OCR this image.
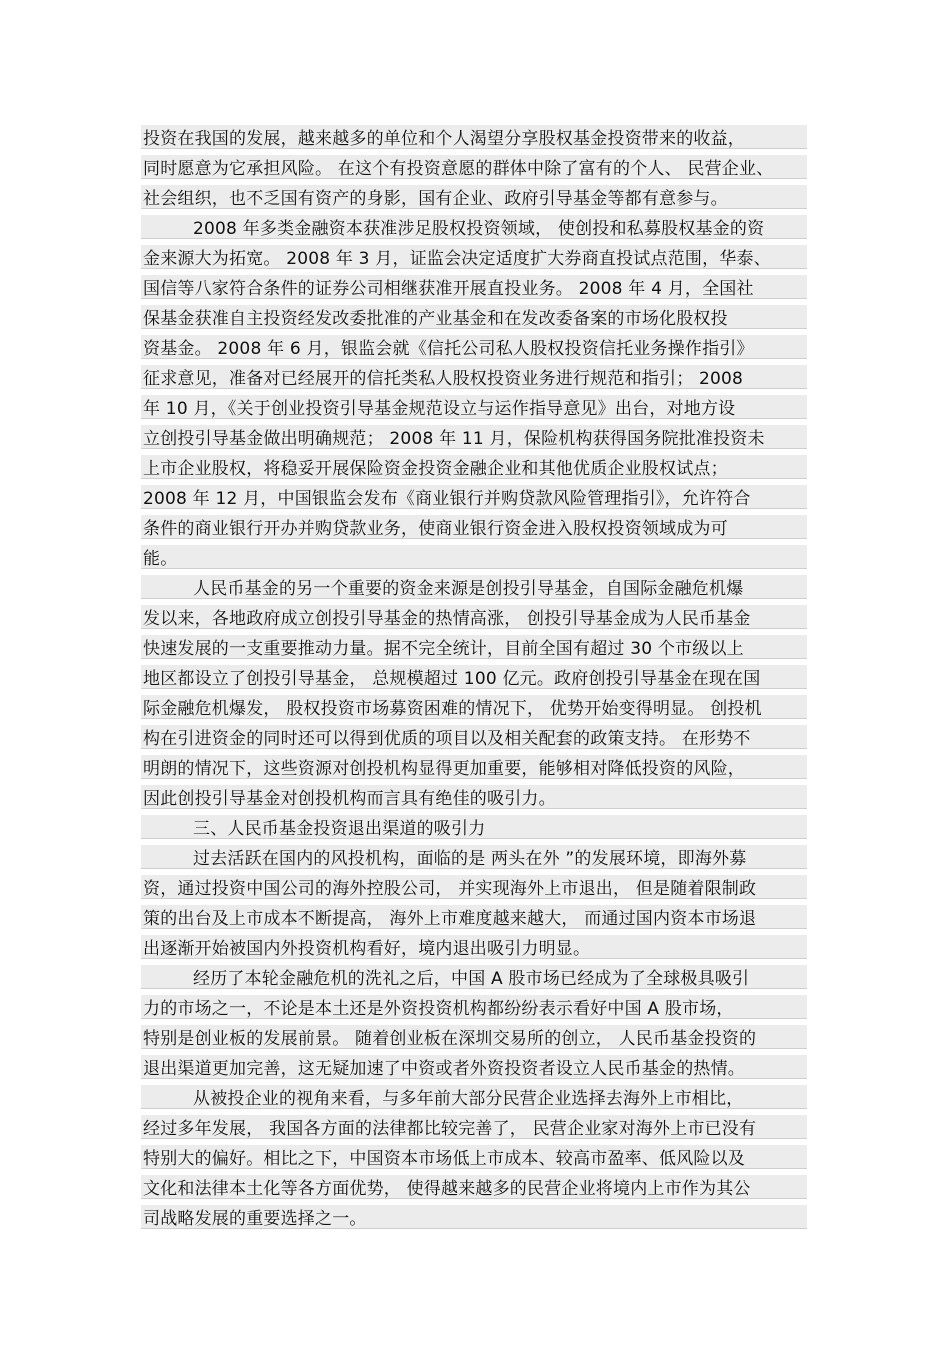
投资在我国的发展，越来越多的单位和个人渴望分享股权基金投资带来的收益，
同时愿意为它承担风险。 在这个有投资意愿的群体中除了富有的个人、 民营企业、
社会组织，也不乏国有资产的身影，国有企业、政府引导基金等都有意参与。
2008 年多类金融资本获准涉足股权投资领域， 使创投和私募股权基金的资
金来源大为拓宽。 2008 年 3 月，证监会决定适度扩大券商直投试点范围，华泰、
国信等八家符合条件的证券公司相继获准开展直投业务。 2008 年 4 月，全国社
保基金获准自主投资经发改委批准的产业基金和在发改委备案的市场化股权投
资基金。 2008 年 6 月，银监会就《信托公司私人股权投资信托业务操作指引》
征求意见，准备对已经展开的信托类私人股权投资业务进行规范和指引； 2008
年 10 月，《关于创业投资引导基金规范设立与运作指导意见》出台，对地方设
立创投引导基金做出明确规范； 2008 年 11 月，保险机构获得国务院批准投资未
上市企业股权，将稳妥开展保险资金投资金融企业和其他优质企业股权试点；
2008 年 12 月，中国银监会发布《商业银行并购贷款风险管理指引》，允许符合
条件的商业银行开办并购贷款业务，使商业银行资金进入股权投资领域成为可
能。
人民币基金的另一个重要的资金来源是创投引导基金，自国际金融危机爆
发以来，各地政府成立创投引导基金的热情高涨， 创投引导基金成为人民币基金
快速发展的一支重要推动力量。据不完全统计，目前全国有超过 30 个市级以上
地区都设立了创投引导基金， 总规模超过 100 亿元。政府创投引导基金在现在国
际金融危机爆发， 股权投资市场募资困难的情况下， 优势开始变得明显。 创投机
构在引进资金的同时还可以得到优质的项目以及相关配套的政策支持。 在形势不
明朗的情况下，这些资源对创投机构显得更加重要，能够相对降低投资的风险，
因此创投引导基金对创投机构而言具有绝佳的吸引力。
三、人民币基金投资退出渠道的吸引力
过去活跃在国内的风投机构，面临的是 两头在外 ”的发展环境，即海外募
资，通过投资中国公司的海外控股公司， 并实现海外上市退出， 但是随着限制政
策的出台及上市成本不断提高， 海外上市难度越来越大， 而通过国内资本市场退
出逐渐开始被国内外投资机构看好，境内退出吸引力明显。
经历了本轮金融危机的洗礼之后，中国 A 股市场已经成为了全球极具吸引
力的市场之一，不论是本土还是外资投资机构都纷纷表示看好中国 A 股市场，
特别是创业板的发展前景。 随着创业板在深圳交易所的创立， 人民币基金投资的
退出渠道更加完善，这无疑加速了中资或者外资投资者设立人民币基金的热情。
从被投企业的视角来看，与多年前大部分民营企业选择去海外上市相比，
经过多年发展， 我国各方面的法律都比较完善了， 民营企业家对海外上市已没有
特别大的偏好。相比之下，中国资本市场低上市成本、较高市盈率、低风险以及
文化和法律本土化等各方面优势， 使得越来越多的民营企业将境内上市作为其公
司战略发展的重要选择之一。
